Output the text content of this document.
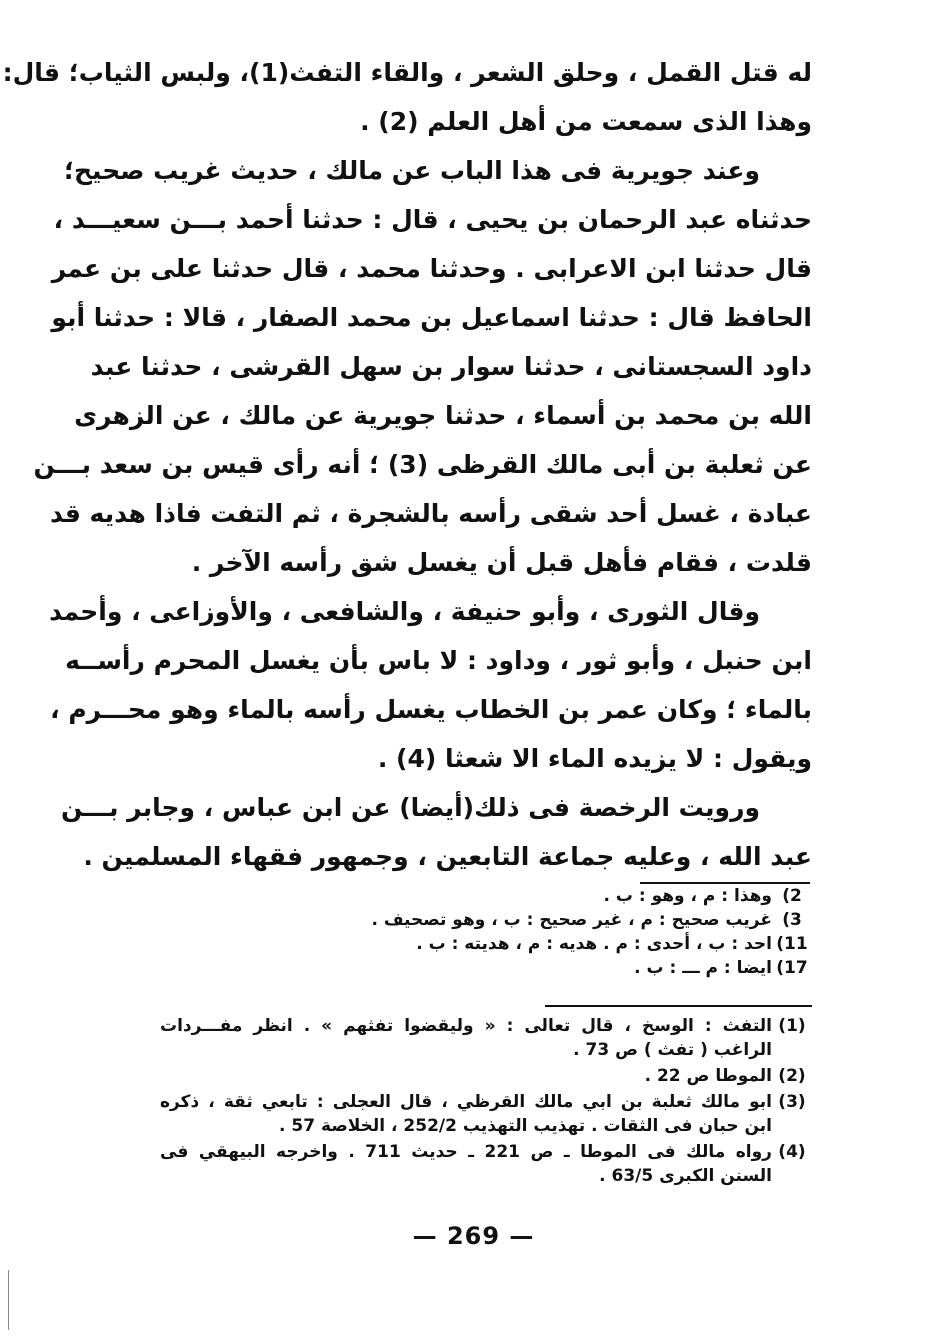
له قتل القمل ، وحلق الشعر ، والقاء التفث(1)، ولبس الثياب؛ قال:
وهذا الذى سمعت من أهل العلم (2) .
وعند جويرية فى هذا الباب عن مالك ، حديث غريب صحيح؛
حدثناه عبد الرحمان بن يحيى ، قال : حدثنا أحمد بـــن سعيـــد ،
قال حدثنا ابن الاعرابى . وحدثنا محمد ، قال حدثنا على بن عمر
الحافظ قال : حدثنا اسماعيل بن محمد الصفار ، قالا : حدثنا أبو
داود السجستانى ، حدثنا سوار بن سهل القرشى ، حدثنا عبد
الله بن محمد بن أسماء ، حدثنا جويرية عن مالك ، عن الزهرى
عن ثعلبة بن أبى مالك القرظى (3) ؛ أنه رأى قيس بن سعد بـــن
عبادة ، غسل أحد شقى رأسه بالشجرة ، ثم التفت فاذا هديه قد
قلدت ، فقام فأهل قبل أن يغسل شق رأسه الآخر .
وقال الثورى ، وأبو حنيفة ، والشافعى ، والأوزاعى ، وأحمد
ابن حنبل ، وأبو ثور ، وداود : لا باس بأن يغسل المحرم رأســه
بالماء ؛ وكان عمر بن الخطاب يغسل رأسه بالماء وهو محـــرم ،
ويقول : لا يزيده الماء الا شعثا (4) .
ورويت الرخصة فى ذلك(أيضا) عن ابن عباس ، وجابر بـــن
عبد الله ، وعليه جماعة التابعين ، وجمهور فقهاء المسلمين .
2)
وهذا : م ، وهو : ب .
3)
غريب صحيح : م ، غير صحيح : ب ، وهو تصحيف .
11)
احد : ب ، أحدى : م . هديه : م ، هديته : ب .
17)
ايضا : م ـــ : ب .
(1)
التفث : الوسخ ، قال تعالى : « وليقضوا تفثهم » . انظر مفـــردات
الراغب ( تفث ) ص 73 .
(2)
الموطا ص 22 .
(3)
ابو مالك ثعلبة بن ابي مالك القرظي ، قال العجلى : تابعي ثقة ، ذكره
ابن حبان فى الثقات . تهذيب التهذيب 252/2 ، الخلاصة 57 .
(4)
رواه مالك فى الموطا ـ ص 221 ـ حديث 711 . واخرجه البيهقي فى
السنن الكبرى 63/5 .
— 269 —
